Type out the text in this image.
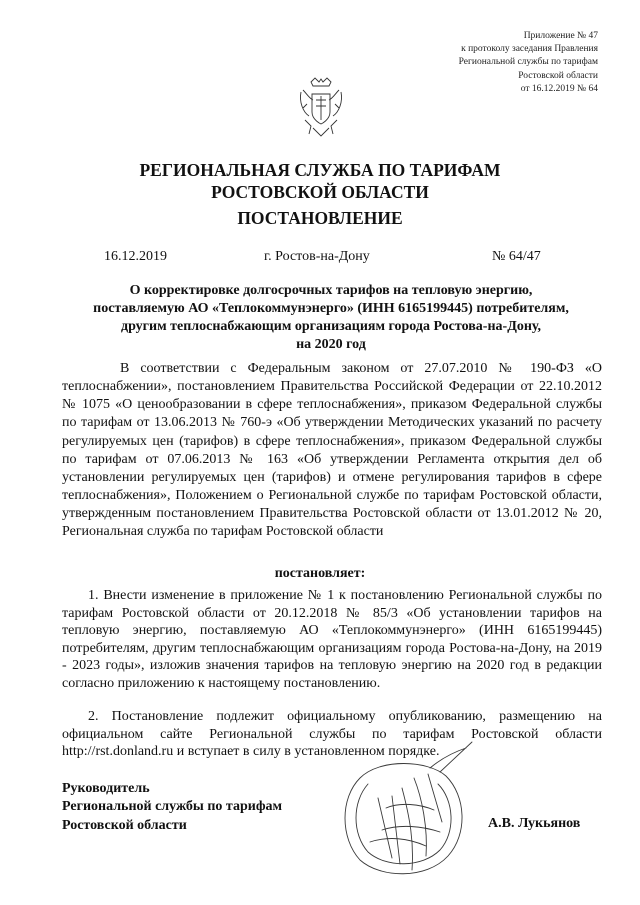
Приложение № 47
к протоколу заседания Правления
Региональной службы по тарифам
Ростовской области
от 16.12.2019 № 64
РЕГИОНАЛЬНАЯ СЛУЖБА ПО ТАРИФАМ
РОСТОВСКОЙ ОБЛАСТИ
ПОСТАНОВЛЕНИЕ
16.12.2019	г. Ростов-на-Дону	№ 64/47
О корректировке долгосрочных тарифов на тепловую энергию,
поставляемую АО «Теплокоммунэнерго» (ИНН 6165199445) потребителям,
другим теплоснабжающим организациям города Ростова-на-Дону,
на 2020 год
В соответствии с Федеральным законом от 27.07.2010 № 190-ФЗ «О теплоснабжении», постановлением Правительства Российской Федерации от 22.10.2012 № 1075 «О ценообразовании в сфере теплоснабжения», приказом Федеральной службы по тарифам от 13.06.2013 № 760-э «Об утверждении Методических указаний по расчету регулируемых цен (тарифов) в сфере теплоснабжения», приказом Федеральной службы по тарифам от 07.06.2013 № 163 «Об утверждении Регламента открытия дел об установлении регулируемых цен (тарифов) и отмене регулирования тарифов в сфере теплоснабжения», Положением о Региональной службе по тарифам Ростовской области, утвержденным постановлением Правительства Ростовской области от 13.01.2012 № 20, Региональная служба по тарифам Ростовской области
постановляет:
1. Внести изменение в приложение № 1 к постановлению Региональной службы по тарифам Ростовской области от 20.12.2018 № 85/3 «Об установлении тарифов на тепловую энергию, поставляемую АО «Теплокоммунэнерго» (ИНН 6165199445) потребителям, другим теплоснабжающим организациям города Ростова-на-Дону, на 2019 - 2023 годы», изложив значения тарифов на тепловую энергию на 2020 год в редакции согласно приложению к настоящему постановлению.
2. Постановление подлежит официальному опубликованию, размещению на официальном сайте Региональной службы по тарифам Ростовской области http://rst.donland.ru и вступает в силу в установленном порядке.
Руководитель
Региональной службы по тарифам
Ростовской области	А.В. Лукьянов
